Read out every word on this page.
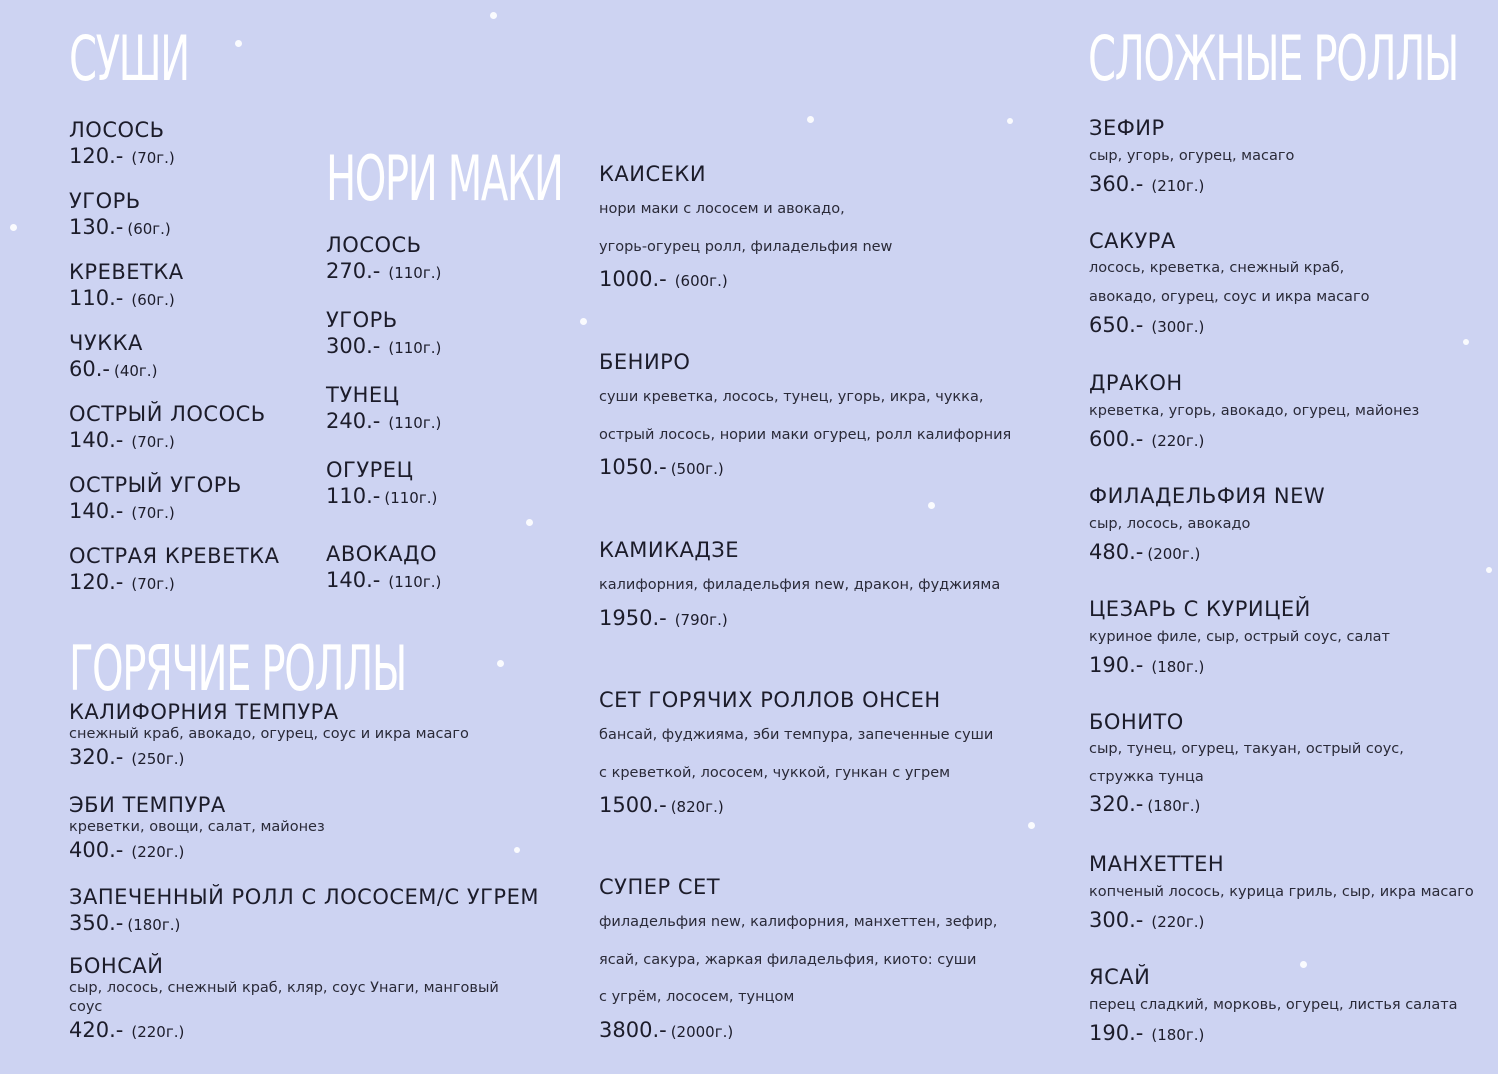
СУШИ
НОРИ МАКИ
ГОРЯЧИЕ РОЛЛЫ
СЛОЖНЫЕ РОЛЛЫ
ЛОСОСЬ
120.- (70г.)
УГОРЬ
130.- (60г.)
КРЕВЕТКА
110.- (60г.)
ЧУККА
60.- (40г.)
ОСТРЫЙ ЛОСОСЬ
140.- (70г.)
ОСТРЫЙ УГОРЬ
140.- (70г.)
ОСТРАЯ КРЕВЕТКА
120.- (70г.)
ЛОСОСЬ
270.- (110г.)
УГОРЬ
300.- (110г.)
ТУНЕЦ
240.- (110г.)
ОГУРЕЦ
110.- (110г.)
АВОКАДО
140.- (110г.)
КАЛИФОРНИЯ ТЕМПУРА
снежный краб, авокадо, огурец, соус и икра масаго
320.- (250г.)
ЭБИ ТЕМПУРА
креветки, овощи, салат, майонез
400.- (220г.)
ЗАПЕЧЕННЫЙ РОЛЛ С ЛОСОСЕМ/С УГРЕМ
350.- (180г.)
БОНСАЙ
сыр, лосось, снежный краб, кляр, соус Унаги, манговый соус
420.- (220г.)
КАИСЕКИ
нори маки с лососем и авокадо,
угорь-огурец ролл, филадельфия new
1000.- (600г.)
БЕНИРО
суши креветка, лосось, тунец, угорь, икра, чукка,
острый лосось, нории маки огурец, ролл калифорния
1050.- (500г.)
КАМИКАДЗЕ
калифорния, филадельфия new, дракон, фуджияма
1950.- (790г.)
СЕТ ГОРЯЧИХ РОЛЛОВ ОНСЕН
бансай, фуджияма, эби темпура, запеченные суши
с креветкой, лососем, чуккой, гункан с угрем
1500.- (820г.)
СУПЕР СЕТ
филадельфия new, калифорния, манхеттен, зефир,
ясай, сакура, жаркая филадельфия, киото: суши
с угрём, лососем, тунцом
3800.- (2000г.)
ЗЕФИР
сыр, угорь, огурец, масаго
360.- (210г.)
САКУРА
лосось, креветка, снежный краб,
авокадо, огурец, соус и икра масаго
650.- (300г.)
ДРАКОН
креветка, угорь, авокадо, огурец, майонез
600.- (220г.)
ФИЛАДЕЛЬФИЯ NEW
сыр, лосось, авокадо
480.- (200г.)
ЦЕЗАРЬ С КУРИЦЕЙ
куриное филе, сыр, острый соус, салат
190.- (180г.)
БОНИТО
сыр, тунец, огурец, такуан, острый соус,
стружка тунца
320.- (180г.)
МАНХЕТТЕН
копченый лосось, курица гриль, сыр, икра масаго
300.- (220г.)
ЯСАЙ
перец сладкий, морковь, огурец, листья салата
190.- (180г.)
